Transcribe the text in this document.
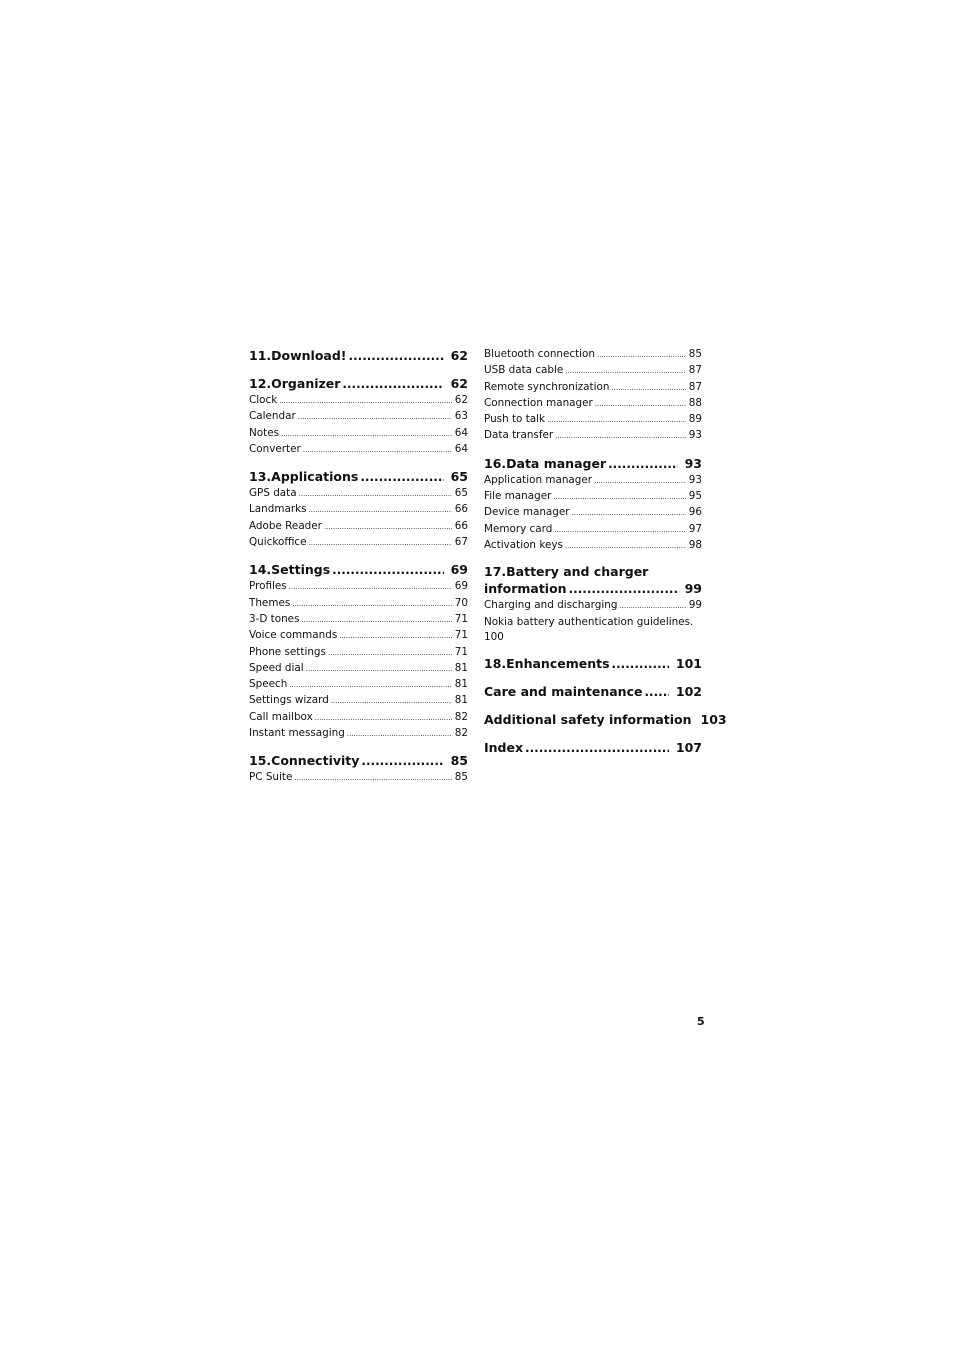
11.Download! .....	62
12.Organizer .....	62
Clock .....	62
Calendar .....	63
Notes .....	64
Converter .....	64
13.Applications .....	65
GPS data .....	65
Landmarks .....	66
Adobe Reader .....	66
Quickoffice .....	67
14.Settings .....	69
Profiles .....	69
Themes .....	70
3-D tones .....	71
Voice commands .....	71
Phone settings .....	71
Speed dial .....	81
Speech .....	81
Settings wizard .....	81
Call mailbox .....	82
Instant messaging .....	82
15.Connectivity .....	85
PC Suite .....	85
Bluetooth connection .....	85
USB data cable .....	87
Remote synchronization .....	87
Connection manager .....	88
Push to talk .....	89
Data transfer .....	93
16.Data manager .....	93
Application manager .....	93
File manager .....	95
Device manager .....	96
Memory card .....	97
Activation keys .....	98
17.Battery and charger
information .....	99
Charging and discharging .....	99
Nokia battery authentication guidelines.
100
18.Enhancements .....	101
Care and maintenance .....	102
Additional safety information 103
Index .....	107
5
